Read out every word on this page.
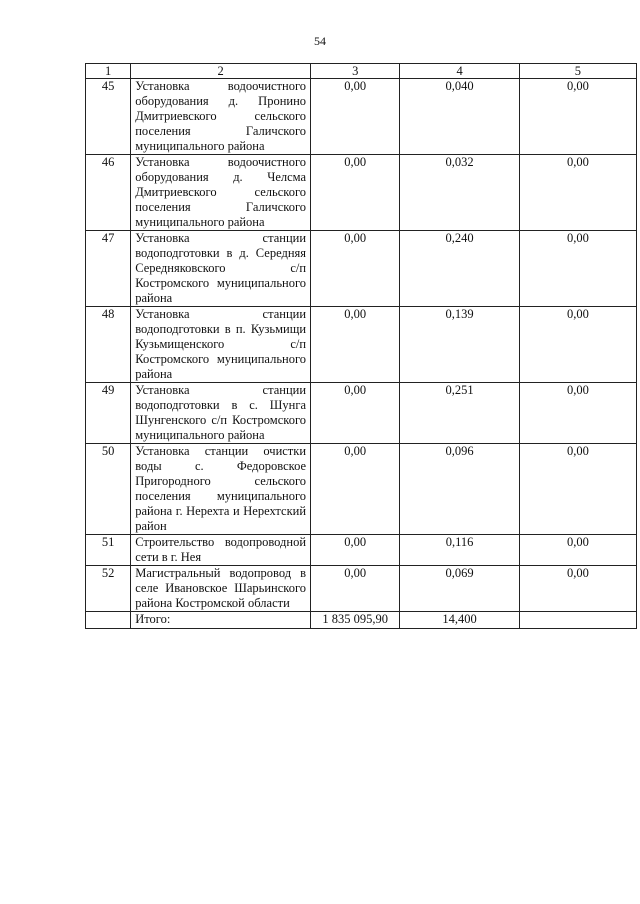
54
1	2	3	4	5
45	Установка водоочистного оборудования д. Пронино Дмитриевского сельского поселения Галичского муниципального района	0,00	0,040	0,00
46	Установка водоочистного оборудования д. Челсма Дмитриевского сельского поселения Галичского муниципального района	0,00	0,032	0,00
47	Установка станции водоподготовки в д. Середняя Середняковского с/п Костромского муниципального района	0,00	0,240	0,00
48	Установка станции водоподготовки в п. Кузьмищи Кузьмищенского с/п Костромского муниципального района	0,00	0,139	0,00
49	Установка станции водоподготовки в с. Шунга Шунгенского с/п Костромского муниципального района	0,00	0,251	0,00
50	Установка станции очистки воды с. Федоровское Пригородного сельского поселения муниципального района г. Нерехта и Нерехтский район	0,00	0,096	0,00
51	Строительство водопроводной сети в г. Нея	0,00	0,116	0,00
52	Магистральный водопровод в селе Ивановское Шарьинского района Костромской области	0,00	0,069	0,00
	Итого:	1 835 095,90	14,400	
